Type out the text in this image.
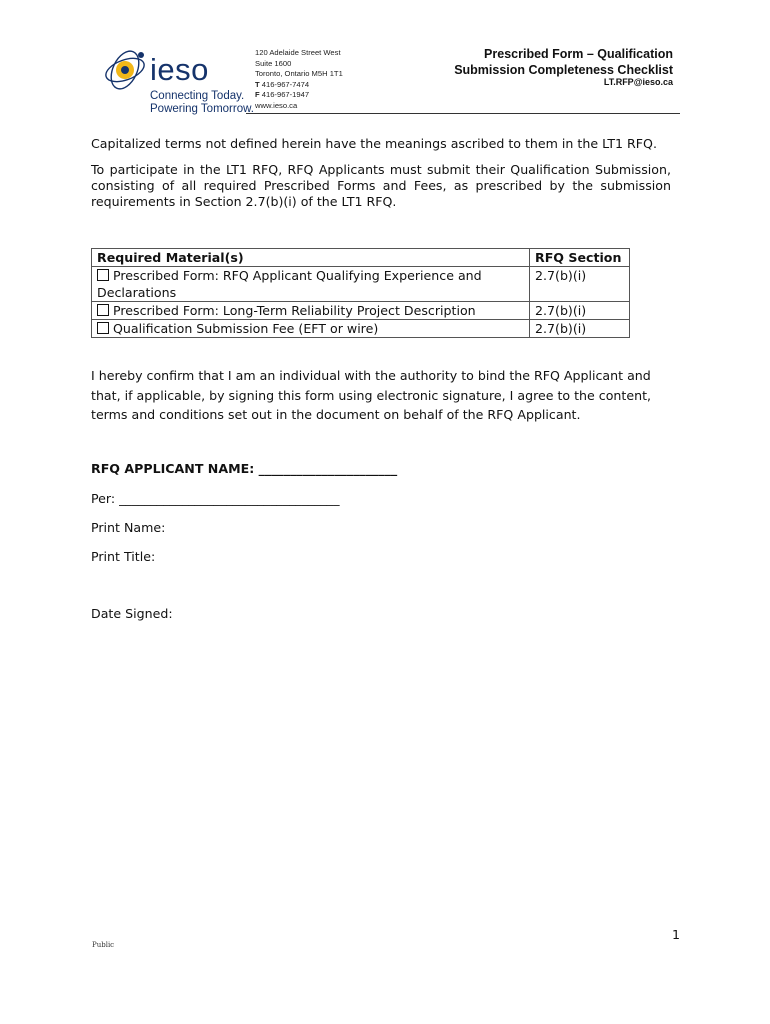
ieso
Connecting Today.
Powering Tomorrow.
120 Adelaide Street West
Suite 1600
Toronto, Ontario M5H 1T1
T 416-967-7474
F 416-967-1947
www.ieso.ca
Prescribed Form – Qualification
Submission Completeness Checklist
LT.RFP@ieso.ca
Capitalized terms not defined herein have the meanings ascribed to them in the LT1 RFQ.
To participate in the LT1 RFQ, RFQ Applicants must submit their Qualification Submission, consisting of all required Prescribed Forms and Fees, as prescribed by the submission requirements in Section 2.7(b)(i) of the LT1 RFQ.
Required Material(s)	RFQ Section
Prescribed Form: RFQ Applicant Qualifying Experience and Declarations	2.7(b)(i)
Prescribed Form: Long-Term Reliability Project Description	2.7(b)(i)
Qualification Submission Fee (EFT or wire)	2.7(b)(i)
I hereby confirm that I am an individual with the authority to bind the RFQ Applicant and that, if applicable, by signing this form using electronic signature, I agree to the content, terms and conditions set out in the document on behalf of the RFQ Applicant.
RFQ APPLICANT NAME: ______________________
Per: ___________________________________
Print Name:
Print Title:
Date Signed:
1
Public
